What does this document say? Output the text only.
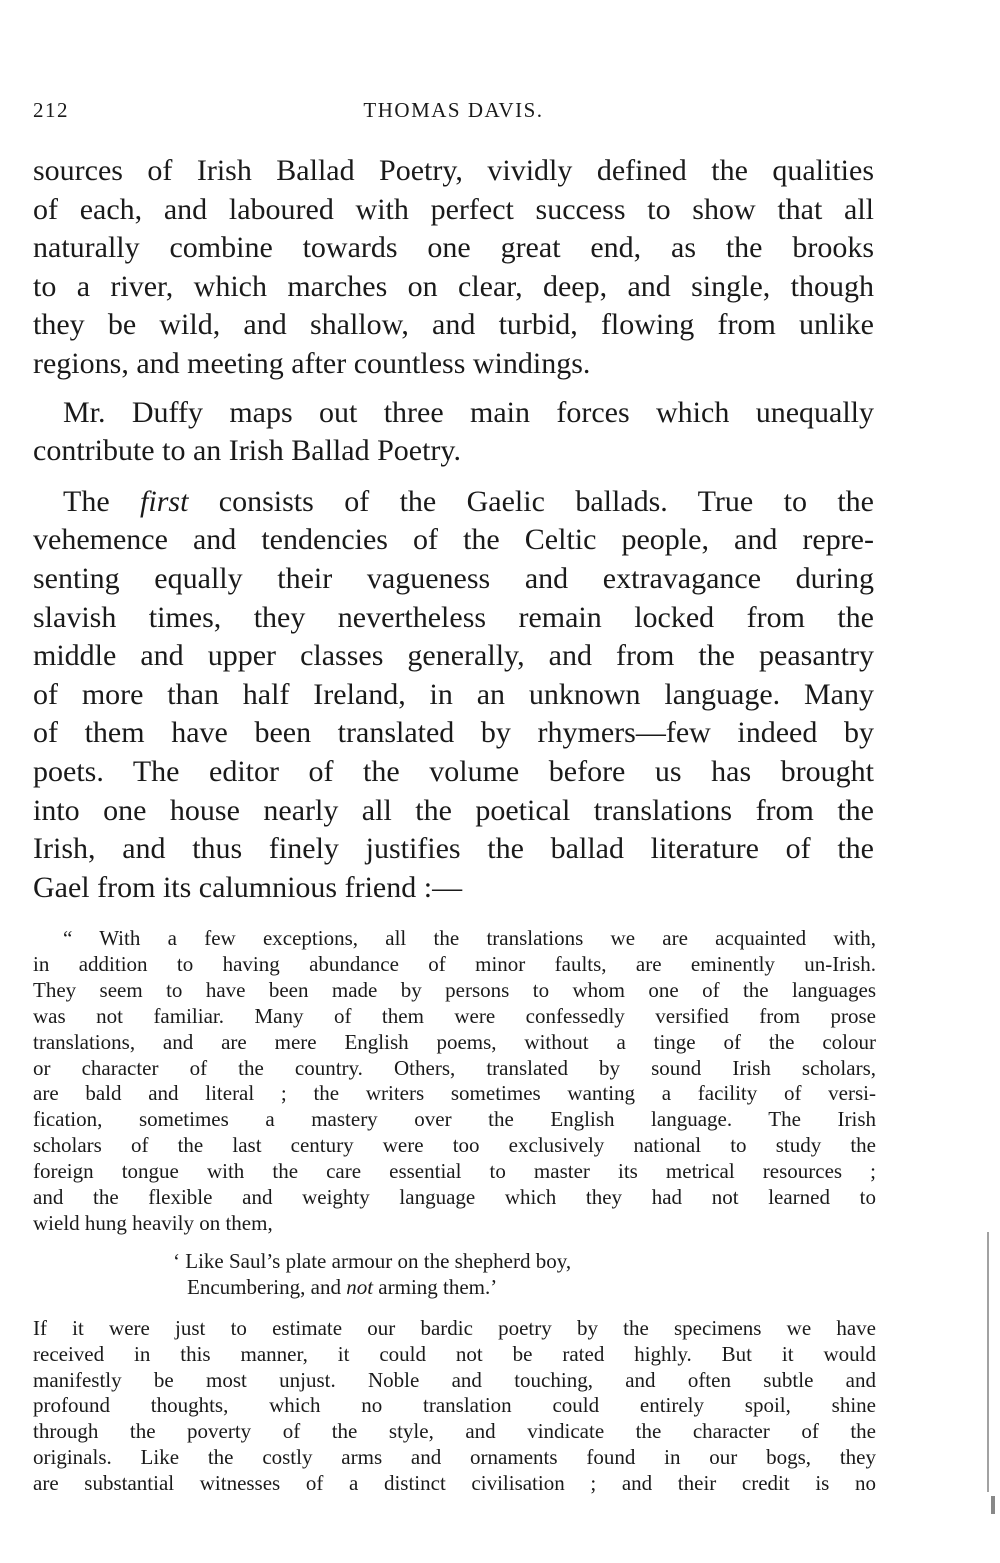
212	THOMAS DAVIS.

sources of Irish Ballad Poetry, vividly defined the qualities
of each, and laboured with perfect success to show that all
naturally combine towards one great end, as the brooks
to a river, which marches on clear, deep, and single, though
they be wild, and shallow, and turbid, flowing from unlike
regions, and meeting after countless windings.

Mr. Duffy maps out three main forces which unequally
contribute to an Irish Ballad Poetry.

The first consists of the Gaelic ballads. True to the
vehemence and tendencies of the Celtic people, and repre-
senting equally their vagueness and extravagance during
slavish times, they nevertheless remain locked from the
middle and upper classes generally, and from the peasantry
of more than half Ireland, in an unknown language. Many
of them have been translated by rhymers—few indeed by
poets. The editor of the volume before us has brought
into one house nearly all the poetical translations from the
Irish, and thus finely justifies the ballad literature of the
Gael from its calumnious friend :—

“ With a few exceptions, all the translations we are acquainted with,
in addition to having abundance of minor faults, are eminently un-Irish.
They seem to have been made by persons to whom one of the languages
was not familiar. Many of them were confessedly versified from prose
translations, and are mere English poems, without a tinge of the colour
or character of the country. Others, translated by sound Irish scholars,
are bald and literal ; the writers sometimes wanting a facility of versi-
fication, sometimes a mastery over the English language. The Irish
scholars of the last century were too exclusively national to study the
foreign tongue with the care essential to master its metrical resources ;
and the flexible and weighty language which they had not learned to
wield hung heavily on them,
‘ Like Saul’s plate armour on the shepherd boy,
Encumbering, and not arming them.’
If it were just to estimate our bardic poetry by the specimens we have
received in this manner, it could not be rated highly. But it would
manifestly be most unjust. Noble and touching, and often subtle and
profound thoughts, which no translation could entirely spoil, shine
through the poverty of the style, and vindicate the character of the
originals. Like the costly arms and ornaments found in our bogs, they
are substantial witnesses of a distinct civilisation ; and their credit is no
